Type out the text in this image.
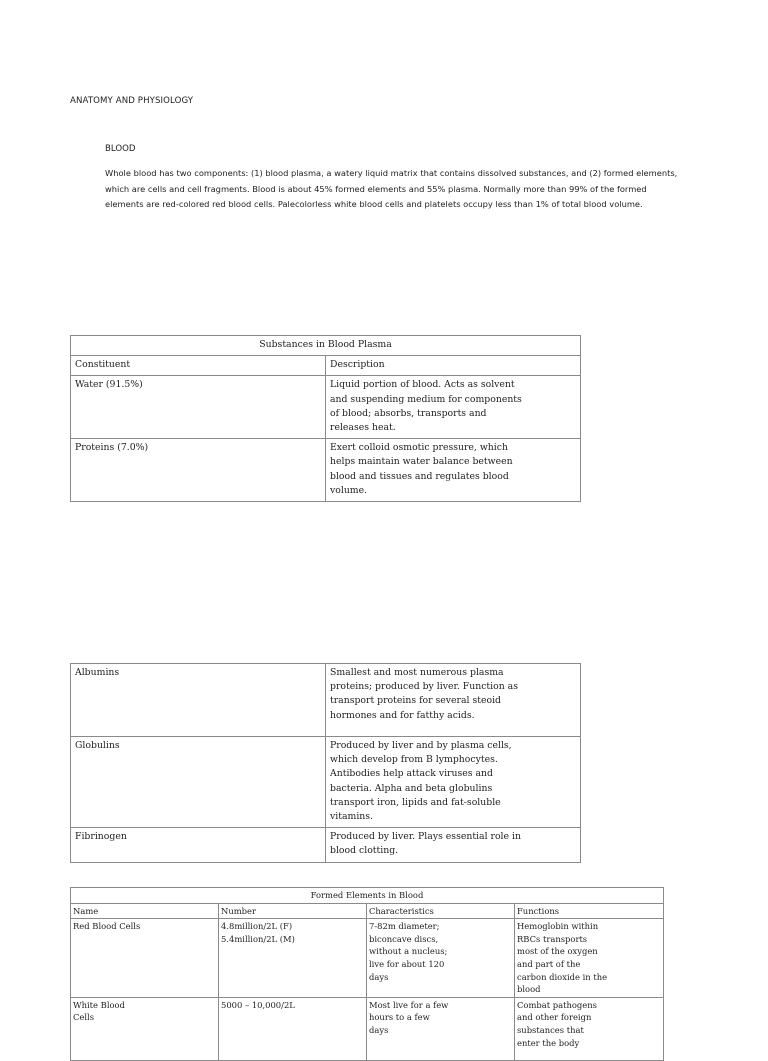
ANATOMY AND PHYSIOLOGY
BLOOD
Whole blood has two components: (1) blood plasma, a watery liquid matrix that contains dissolved substances, and (2) formed elements, which are cells and cell fragments. Blood is about 45% formed elements and 55% plasma. Normally more than 99% of the formed elements are red-colored red blood cells. Palecolorless white blood cells and platelets occupy less than 1% of total blood volume.
Substances in Blood Plasma	
Constituent	Description
Water (91.5%)	Liquid portion of blood. Acts as solvent and suspending medium for components of blood; absorbs, transports and releases heat.
Proteins (7.0%)	Exert colloid osmotic pressure, which helps maintain water balance between blood and tissues and regulates blood volume.
Albumins	Smallest and most numerous plasma proteins; produced by liver. Function as transport proteins for several steoid hormones and for fatthy acids.
Globulins	Produced by liver and by plasma cells, which develop from B lymphocytes. Antibodies help attack viruses and bacteria. Alpha and beta globulins transport iron, lipids and fat-soluble vitamins.
Fibrinogen	Produced by liver. Plays essential role in blood clotting.
Formed Elements in Blood			
Name	Number	Characteristics	Functions
Red Blood Cells	4.8million/2L (F) 5.4million/2L (M)	7-82m diameter; biconcave discs, without a nucleus; live for about 120 days	Hemoglobin within RBCs transports most of the oxygen and part of the carbon dioxide in the blood

White Blood Cells	5000 – 10,000/2L	Most live for a few hours to a few days	Combat pathogens and other foreign substances that enter the body
